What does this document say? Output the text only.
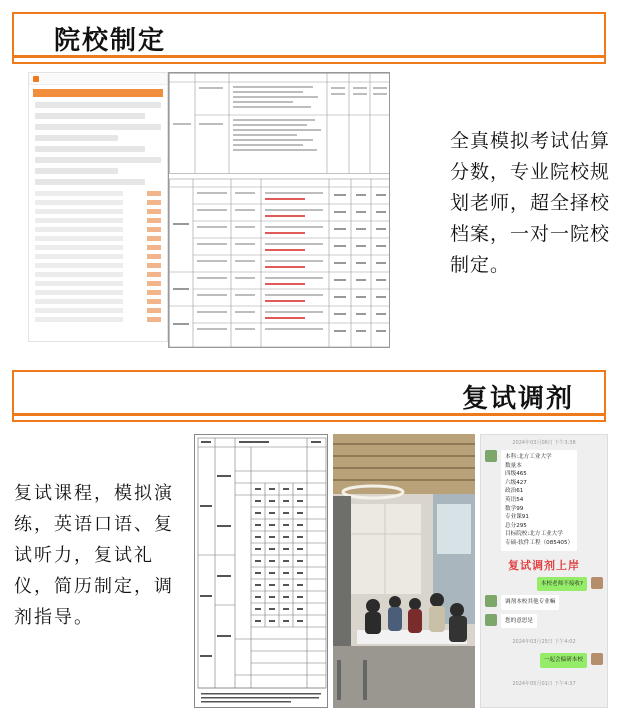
院校制定
全真模拟考试估算分数，专业院校规划老师，超全择校档案，一对一院校制定。
复试调剂
复试课程，模拟演练，英语口语、复试听力，复试礼仪，简历制定，调剂指导。
2024年03月06日 下午3:38
本科:北方工业大学
数量本
四级465
六级427
政治61
英语54
数学99
专业课91
总分295
目标院校:北方工业大学
专硕-软件工程（085405）
复试调剂上岸
本校老师不接收?
调剂本校其他专业嘛
您的意思是
2024年03月25日 下午4:02
一起会偏研本校
2024年05月01日 下午4:37
